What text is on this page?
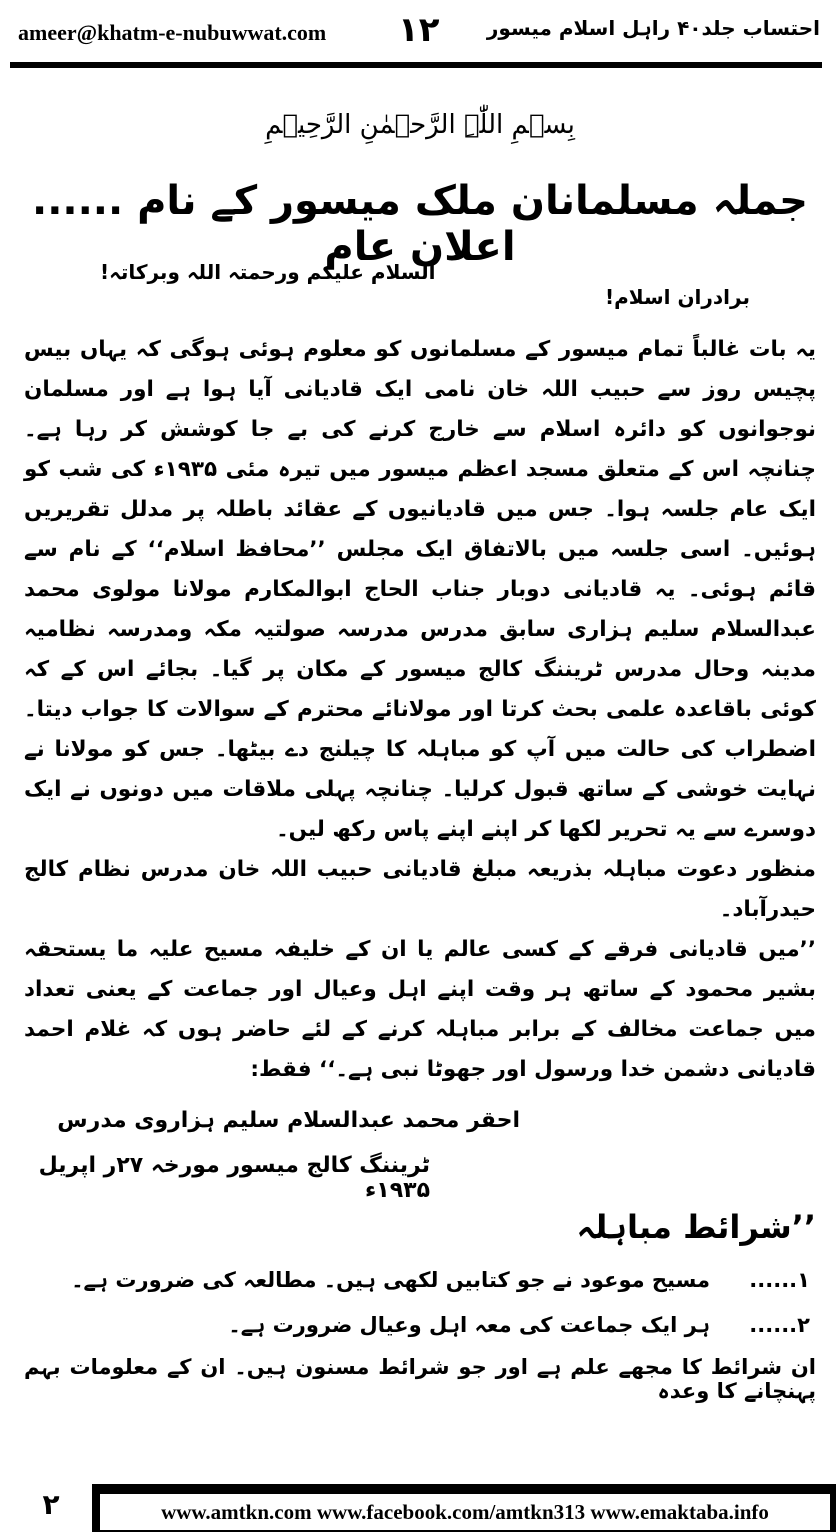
ameer@khatm-e-nubuwwat.com ۱۲ احتساب جلد۴۰ راہل اسلام میسور
بِسۡمِ اللّٰہِ الرَّحۡمٰنِ الرَّحِیۡمِ
جملہ مسلمانان ملک میسور کے نام ...... اعلان عام
السلام علیکم ورحمتہ اللہ وبرکاتہ!
برادران اسلام!

یہ بات غالباً تمام میسور کے مسلمانوں کو معلوم ہوئی ہوگی کہ یہاں بیس پچیس روز سے حبیب اللہ خان نامی ایک قادیانی آیا ہوا ہے اور مسلمان نوجوانوں کو دائرہ اسلام سے خارج کرنے کی بے جا کوشش کر رہا ہے۔ چنانچہ اس کے متعلق مسجد اعظم میسور میں تیرہ مئی ۱۹۳۵ء کی شب کو ایک عام جلسہ ہوا۔ جس میں قادیانیوں کے عقائد باطلہ پر مدلل تقریریں ہوئیں۔ اسی جلسہ میں بالاتفاق ایک مجلس ’’محافظ اسلام‘‘ کے نام سے قائم ہوئی۔ یہ قادیانی دوبار جناب الحاج ابوالمکارم مولانا مولوی محمد عبدالسلام سلیم ہزاری سابق مدرس مدرسہ صولتیہ مکہ ومدرسہ نظامیہ مدینہ وحال مدرس ٹریننگ کالج میسور کے مکان پر گیا۔ بجائے اس کے کہ کوئی باقاعدہ علمی بحث کرتا اور مولانائے محترم کے سوالات کا جواب دیتا۔ اضطراب کی حالت میں آپ کو مباہلہ کا چیلنج دے بیٹھا۔ جس کو مولانا نے نہایت خوشی کے ساتھ قبول کرلیا۔ چنانچہ پہلی ملاقات میں دونوں نے ایک دوسرے سے یہ تحریر لکھا کر اپنے اپنے پاس رکھ لیں۔

منظور دعوت مباہلہ بذریعہ مبلغ قادیانی حبیب اللہ خان مدرس نظام کالج حیدرآباد۔

’’میں قادیانی فرقے کے کسی عالم یا ان کے خلیفہ مسیح علیہ ما یستحقہ بشیر محمود کے ساتھ ہر وقت اپنے اہل وعیال اور جماعت کے یعنی تعداد میں جماعت مخالف کے برابر مباہلہ کرنے کے لئے حاضر ہوں کہ غلام احمد قادیانی دشمن خدا ورسول اور جھوٹا نبی ہے۔‘‘ فقط:

احقر محمد عبدالسلام سلیم ہزاروی مدرس
ٹریننگ کالج میسور مورخہ ۲۷ر اپریل ۱۹۳۵ء
’’شرائط مباہلہ
۱......مسیح موعود نے جو کتابیں لکھی ہیں۔ مطالعہ کی ضرورت ہے۔
۲......ہر ایک جماعت کی معہ اہل وعیال ضرورت ہے۔
ان شرائط کا مجھے علم ہے اور جو شرائط مسنون ہیں۔ ان کے معلومات بہم پہنچانے کا وعدہ
۲	www.amtkn.com www.facebook.com/amtkn313 www.emaktaba.info
